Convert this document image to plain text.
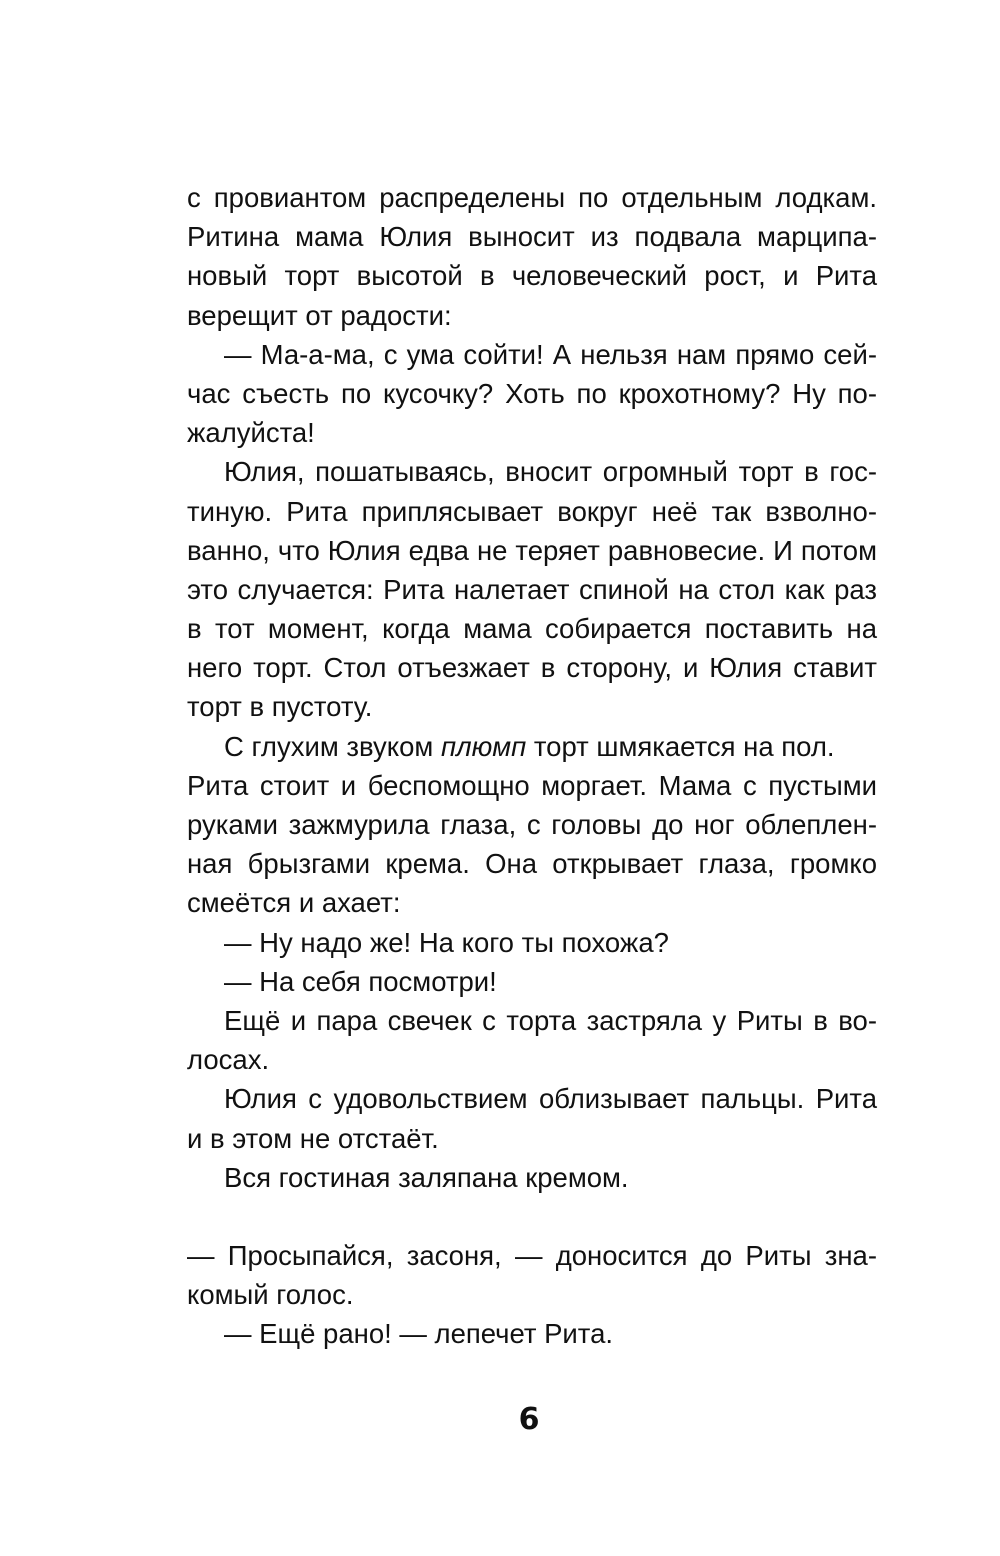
с провиантом распределены по отдельным лодкам.
Ритина мама Юлия выносит из подвала марципа-
новый торт высотой в человеческий рост, и Рита
верещит от радости:
— Ма-а-ма, с ума сойти! А нельзя нам прямо сей-
час съесть по кусочку? Хоть по крохотному? Ну по-
жалуйста!
Юлия, пошатываясь, вносит огромный торт в гос-
тиную. Рита приплясывает вокруг неё так взволно-
ванно, что Юлия едва не теряет равновесие. И потом
это случается: Рита налетает спиной на стол как раз
в тот момент, когда мама собирается поставить на
него торт. Стол отъезжает в сторону, и Юлия ставит
торт в пустоту.
С глухим звуком плюмп торт шмякается на пол.
Рита стоит и беспомощно моргает. Мама с пустыми
руками зажмурила глаза, с головы до ног облеплен-
ная брызгами крема. Она открывает глаза, громко
смеётся и ахает:
— Ну надо же! На кого ты похожа?
— На себя посмотри!
Ещё и пара свечек с торта застряла у Риты в во-
лосах.
Юлия с удовольствием облизывает пальцы. Рита
и в этом не отстаёт.
Вся гостиная заляпана кремом.
— Просыпайся, засоня, — доносится до Риты зна-
комый голос.
— Ещё рано! — лепечет Рита.
6
